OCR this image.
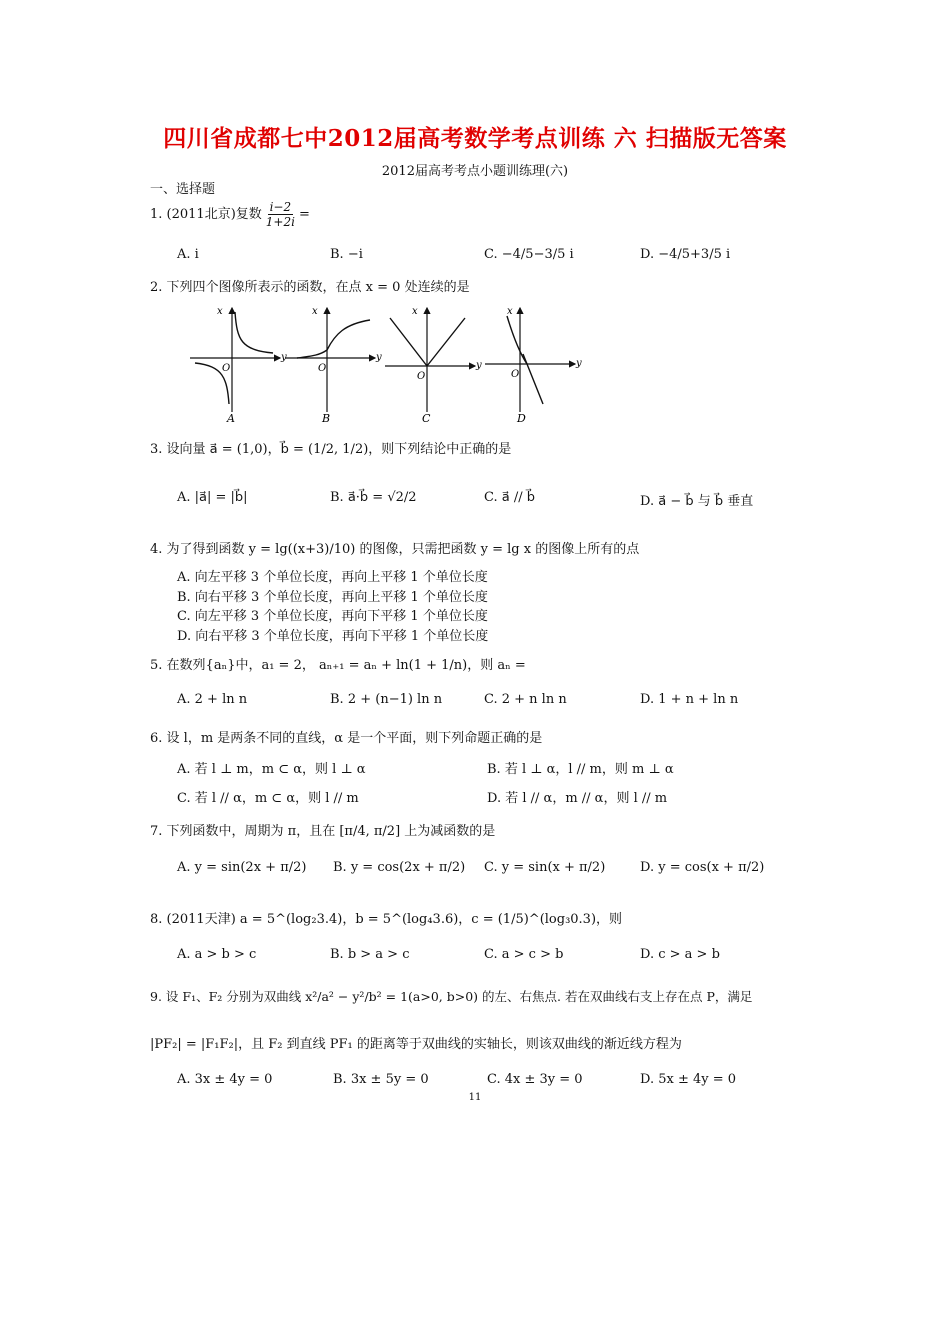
四川省成都七中2012届高考数学考点训练 六 扫描版无答案
2012届高考考点小题训练理(六)
一、选择题
1. (2011北京)复数 $\frac{i-2}{1+2i}$ =
A. i	B. −i	C. −4/5−3/5 i	D. −4/5+3/5 i
2. 下列四个图像所表示的函数，在点 x = 0 处连续的是
x
y
O
A
x
y
O
B
x
y
O
C
x
y
O
D
3. 设向量 a⃗ = (1,0)，b⃗ = (1/2, 1/2)，则下列结论中正确的是
A. |a⃗| = |b⃗|	B. a⃗·b⃗ = √2/2	C. a⃗ // b⃗	D. a⃗ − b⃗ 与 b⃗ 垂直
4. 为了得到函数 y = lg((x+3)/10) 的图像，只需把函数 y = lg x 的图像上所有的点
A. 向左平移 3 个单位长度，再向上平移 1 个单位长度
B. 向右平移 3 个单位长度，再向上平移 1 个单位长度
C. 向左平移 3 个单位长度，再向下平移 1 个单位长度
D. 向右平移 3 个单位长度，再向下平移 1 个单位长度
5. 在数列{aₙ}中，a₁ = 2， aₙ₊₁ = aₙ + ln(1 + 1/n)，则 aₙ =
A. 2 + ln n	B. 2 + (n−1) ln n	C. 2 + n ln n	D. 1 + n + ln n
6. 设 l，m 是两条不同的直线，α 是一个平面，则下列命题正确的是
A. 若 l ⊥ m，m ⊂ α，则 l ⊥ α	B. 若 l ⊥ α，l // m，则 m ⊥ α
C. 若 l // α，m ⊂ α，则 l // m	D. 若 l // α，m // α，则 l // m
7. 下列函数中，周期为 π，且在 [π/4, π/2] 上为减函数的是
A. y = sin(2x + π/2) B. y = cos(2x + π/2) C. y = sin(x + π/2)	D. y = cos(x + π/2)
8. (2011天津) a = 5^(log₂3.4)，b = 5^(log₄3.6)，c = (1/5)^(log₃0.3)，则
A. a > b > c	B. b > a > c	C. a > c > b	D. c > a > b
9. 设 F₁、F₂ 分别为双曲线 x²/a² − y²/b² = 1(a>0, b>0) 的左、右焦点. 若在双曲线右支上存在点 P，满足
|PF₂| = |F₁F₂|，且 F₂ 到直线 PF₁ 的距离等于双曲线的实轴长，则该双曲线的渐近线方程为
A. 3x ± 4y = 0	B. 3x ± 5y = 0	C. 4x ± 3y = 0	D. 5x ± 4y = 0
11
